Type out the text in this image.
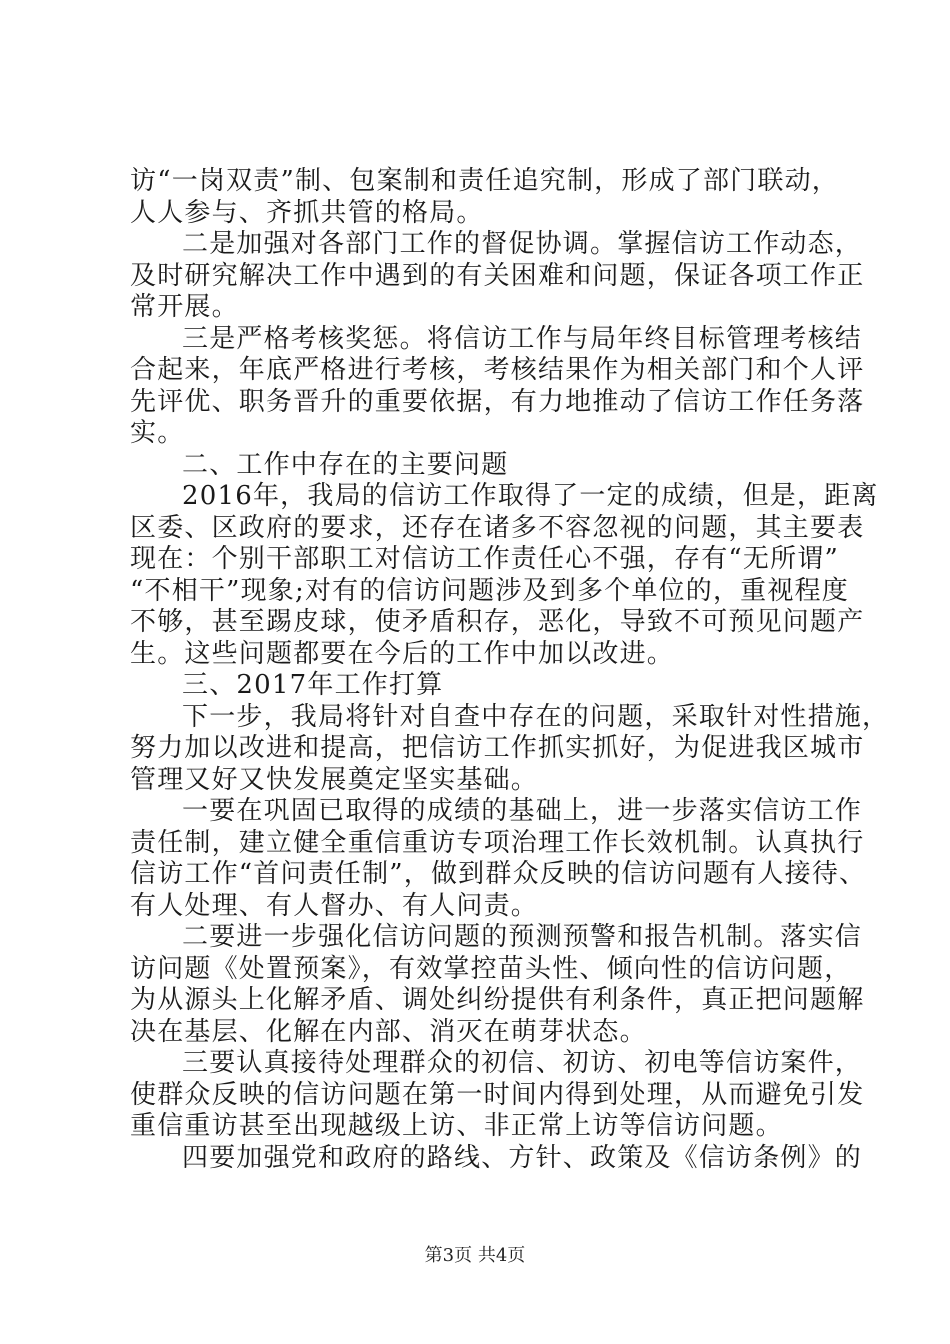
访“一岗双责”制、包案制和责任追究制，形成了部门联动，
人人参与、齐抓共管的格局。
二是加强对各部门工作的督促协调。掌握信访工作动态，
及时研究解决工作中遇到的有关困难和问题，保证各项工作正
常开展。
三是严格考核奖惩。将信访工作与局年终目标管理考核结
合起来，年底严格进行考核，考核结果作为相关部门和个人评
先评优、职务晋升的重要依据，有力地推动了信访工作任务落
实。
二、工作中存在的主要问题
2016年，我局的信访工作取得了一定的成绩，但是，距离
区委、区政府的要求，还存在诸多不容忽视的问题，其主要表
现在：个别干部职工对信访工作责任心不强，存有“无所谓”
“不相干”现象;对有的信访问题涉及到多个单位的，重视程度
不够，甚至踢皮球，使矛盾积存，恶化，导致不可预见问题产
生。这些问题都要在今后的工作中加以改进。
三、2017年工作打算
下一步，我局将针对自查中存在的问题，采取针对性措施，
努力加以改进和提高，把信访工作抓实抓好，为促进我区城市
管理又好又快发展奠定坚实基础。
一要在巩固已取得的成绩的基础上，进一步落实信访工作
责任制，建立健全重信重访专项治理工作长效机制。认真执行
信访工作“首问责任制”，做到群众反映的信访问题有人接待、
有人处理、有人督办、有人问责。
二要进一步强化信访问题的预测预警和报告机制。落实信
访问题《处置预案》，有效掌控苗头性、倾向性的信访问题，
为从源头上化解矛盾、调处纠纷提供有利条件，真正把问题解
决在基层、化解在内部、消灭在萌芽状态。
三要认真接待处理群众的初信、初访、初电等信访案件，
使群众反映的信访问题在第一时间内得到处理，从而避免引发
重信重访甚至出现越级上访、非正常上访等信访问题。
四要加强党和政府的路线、方针、政策及《信访条例》的
第3页 共4页
